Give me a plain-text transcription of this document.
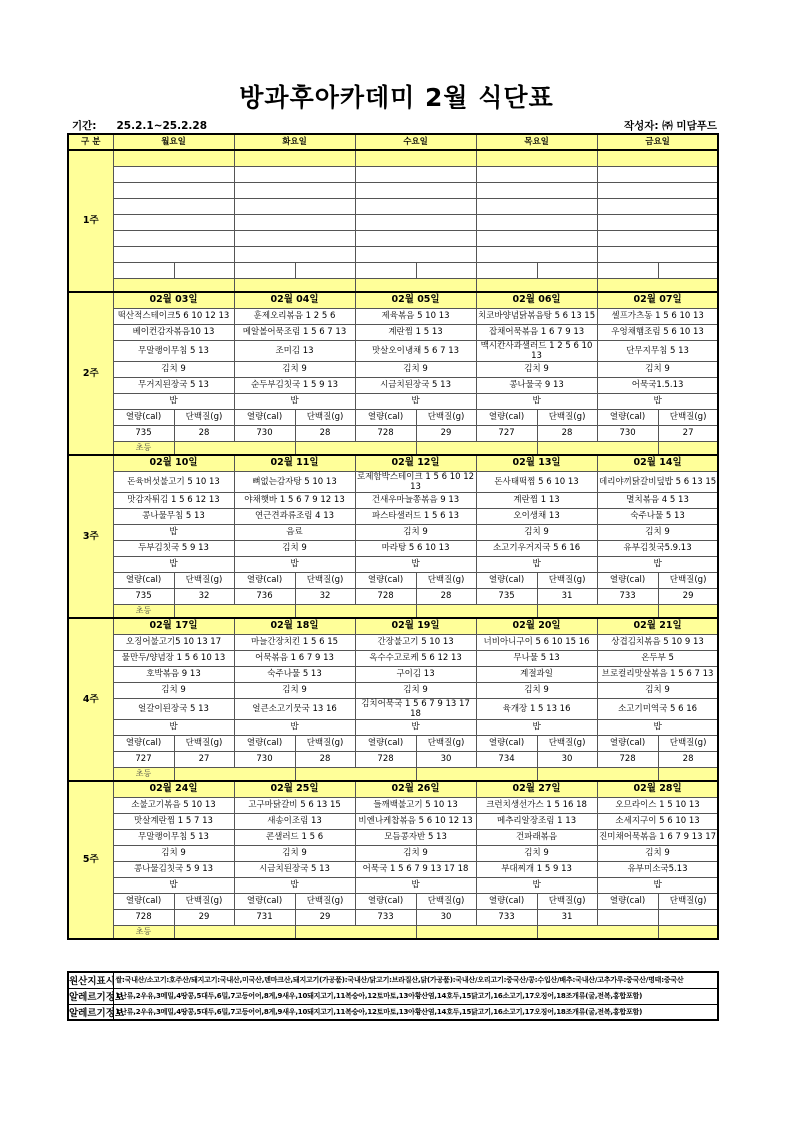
방과후아카데미 2월 식단표
기간: 25.2.1~25.2.28	작성자: ㈜ 미담푸드
구 분	월요일		화요일		수요일		목요일		금요일	
1주										

2주	02월 03일		02월 04일		02월 05일		02월 06일		02월 07일	
	떡산적스테이크5 6 10 12 13		훈제오리볶음 1 2 5 6		제육볶음 5 10 13		치코바양념닭볶음탕 5 6 13 15		셀프가츠동 1 5 6 10 13	
	베이컨감자볶음10 13		메알볼어묵조림 1 5 6 7 13		계란찜 1 5 13		잡채어묵볶음 1 6 7 9 13		우엉채햄조림 5 6 10 13	
	무말랭이무침 5 13		조미김 13		맛살오이냉채 5 6 7 13		맥시칸사과샐러드 1 2 5 6 10 13		단무지무침 5 13	
	김치 9		김치 9		김치 9		김치 9		김치 9	
	무거지된장국 5 13		순두부김칫국 1 5 9 13		시금치된장국 5 13		콩나물국 9 13		어묵국1.5.13	
	밥		밥		밥		밥		밥	
	열량(cal)	단백질(g)	열량(cal)	단백질(g)	열량(cal)	단백질(g)	열량(cal)	단백질(g)	열량(cal)	단백질(g)
	735	28	730	28	728	29	727	28	730	27
	초등									
3주	02월 10일		02월 11일		02월 12일		02월 13일		02월 14일	
	돈육버섯불고기 5 10 13		뼈없는감자탕 5 10 13		로제함박스테이크 1 5 6 10 12 13		돈사태떡찜 5 6 10 13		데리야끼닭갈비덮밥 5 6 13 15	
	맛감자튀김 1 5 6 12 13		야채햇바 1 5 6 7 9 12 13		건새우마늘쫑볶음 9 13		계란찜 1 13		멸치볶음 4 5 13	
	콩나물무침 5 13		연근견과류조림 4 13		파스타샐러드 1 5 6 13		오이생채 13		숙주나물 5 13	
	밥		음료		김치 9		김치 9		김치 9	
	두부김칫국 5 9 13		김치 9		마라탕 5 6 10 13		소고기우거지국 5 6 16		유부김칫국5.9.13	
	밥		밥		밥		밥		밥	
	열량(cal)	단백질(g)	열량(cal)	단백질(g)	열량(cal)	단백질(g)	열량(cal)	단백질(g)	열량(cal)	단백질(g)
	735	32	736	32	728	28	735	31	733	29
	초등									
4주	02월 17일		02월 18일		02월 19일		02월 20일		02월 21일	
	오징어불고기5 10 13 17		마늘간장치킨 1 5 6 15		간장불고기 5 10 13		너비아니구이 5 6 10 15 16		상겹김치볶음 5 10 9 13	
	물만두/양념장 1 5 6 10 13		어묵볶음 1 6 7 9 13		옥수수고로케 5 6 12 13		무나물 5 13		온두부 5	
	호박볶음 9 13		숙주나물 5 13		구이김 13		계절과일		브로컬리맛살볶음 1 5 6 7 13	
	김치 9		김치 9		김치 9		김치 9		김치 9	
	얼갈이된장국 5 13		얼큰소고기뭇국 13 16		김치어묵국 1 5 6 7 9 13 17 18		육개장 1 5 13 16		소고기미역국 5 6 16	
	밥		밥		밥		밥		밥	
	열량(cal)	단백질(g)	열량(cal)	단백질(g)	열량(cal)	단백질(g)	열량(cal)	단백질(g)	열량(cal)	단백질(g)
	727	27	730	28	728	30	734	30	728	28
	초등									
5주	02월 24일		02월 25일		02월 26일		02월 27일		02월 28일	
	소불고기볶음 5 10 13		고구마닭갈비 5 6 13 15		들깨백불고기 5 10 13		크런치생선가스 1 5 16 18		오므라이스 1 5 10 13	
	맛살계란찜 1 5 7 13		새송이조림 13		비엔나케찹볶음 5 6 10 12 13		메추리알장조림 1 13		소세지구이 5 6 10 13	
	무말랭이무침 5 13		콘샐러드 1 5 6		모듬콩자반 5 13		건파래볶음		진미채어묵볶음 1 6 7 9 13 17	
	김치 9		김치 9		김치 9		김치 9		김치 9	
	콩나물김칫국 5 9 13		시금치된장국 5 13		어묵국 1 5 6 7 9 13 17 18		부대찌개 1 5 9 13		유부미소국5.13	
	밥		밥		밥		밥		밥	
	열량(cal)	단백질(g)	열량(cal)	단백질(g)	열량(cal)	단백질(g)	열량(cal)	단백질(g)	열량(cal)	단백질(g)
	728	29	731	29	733	30	733	31		
	초등									
원산지표시	쌀:국내산/소고기:호주산/돼지고기:국내산,미국산,덴마크산,돼지고기(가공품):국내산/닭고기:브라질산,닭(가공품):국내산/오리고기:중국산/콩:수입산/배추:국내산/고추가루:중국산/명태:중국산
알레르기정보	1난류,2우유,3메밀,4땅콩,5대두,6밀,7고등어어,8게,9새우,10돼지고기,11복숭아,12토마토,13아황산염,14호두,15닭고기,16소고기,17오징어,18조개류(굴,전복,홍합포함)
알레르기정보	1난류,2우유,3메밀,4땅콩,5대두,6밀,7고등어어,8게,9새우,10돼지고기,11복숭아,12토마토,13아황산염,14호두,15닭고기,16소고기,17오징어,18조개류(굴,전복,홍합포함)
